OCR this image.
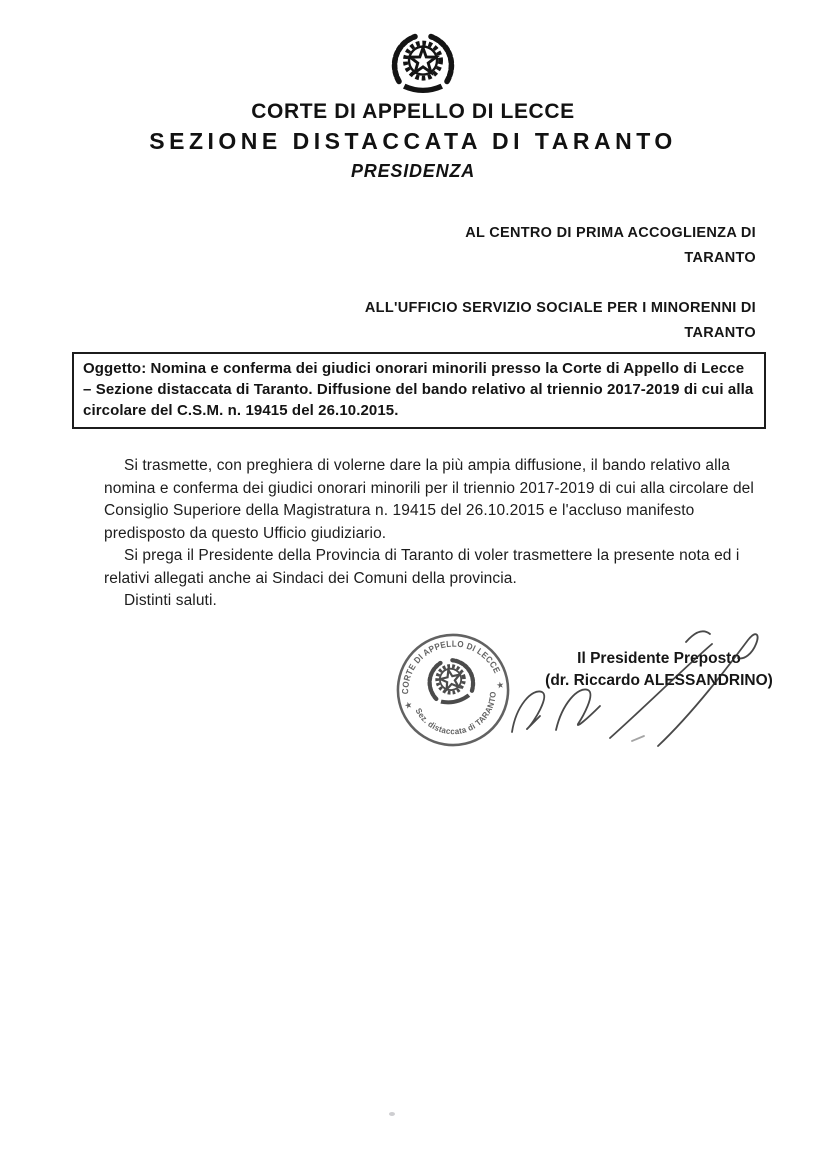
CORTE DI APPELLO DI LECCE
SEZIONE DISTACCATA DI TARANTO
PRESIDENZA
AL CENTRO DI PRIMA ACCOGLIENZA DI
TARANTO
ALL'UFFICIO SERVIZIO SOCIALE PER I MINORENNI DI
TARANTO
Oggetto: Nomina e conferma dei giudici onorari minorili presso la Corte di Appello di Lecce – Sezione distaccata di Taranto. Diffusione del bando relativo al triennio 2017-2019 di cui alla circolare del C.S.M. n. 19415 del 26.10.2015.

Si trasmette, con preghiera di volerne dare la più ampia diffusione, il bando relativo alla nomina e conferma dei giudici onorari minorili per il triennio 2017-2019 di cui alla circolare del Consiglio Superiore della Magistratura n. 19415 del 26.10.2015 e l'accluso manifesto predisposto da questo Ufficio giudiziario.

Si prega il Presidente della Provincia di Taranto di voler trasmettere la presente nota ed i relativi allegati anche ai Sindaci dei Comuni della provincia.

Distinti saluti.

CORTE DI APPELLO DI LECCE
Sez. distaccata di TARANTO
★
★
Il Presidente Preposto
(dr. Riccardo ALESSANDRINO)
